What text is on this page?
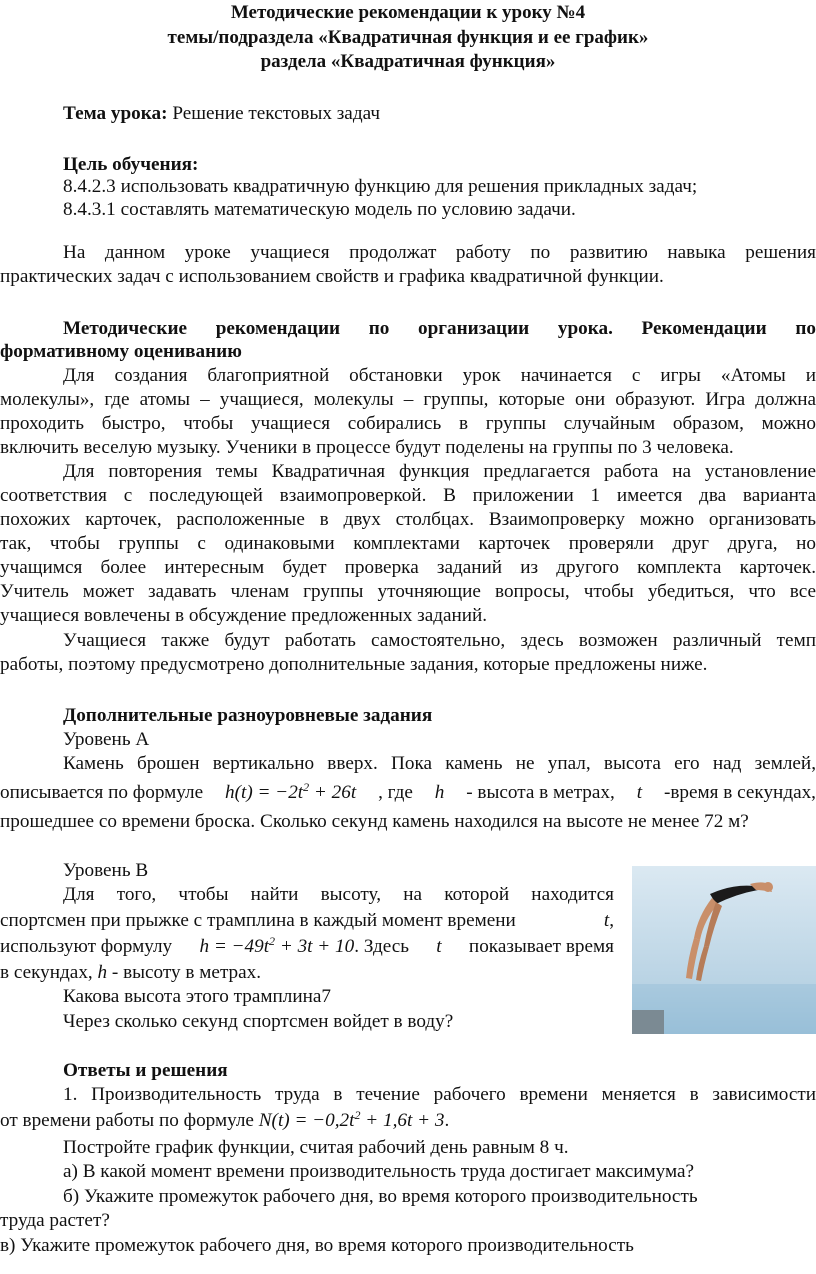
Методические рекомендации к уроку №4
темы/подраздела «Квадратичная функция и ее график»
раздела «Квадратичная функция»
Тема урока: Решение текстовых задач
Цель обучения:
8.4.2.3 использовать квадратичную функцию для решения прикладных задач;
8.4.3.1 составлять математическую модель по условию задачи.
На данном уроке учащиеся продолжат работу по развитию навыка решения
практических задач с использованием свойств и графика квадратичной функции.
Методические рекомендации по организации урока. Рекомендации по
формативному оцениванию
Для создания благоприятной обстановки урок начинается с игры «Атомы и
молекулы», где атомы – учащиеся, молекулы – группы, которые они образуют. Игра должна
проходить быстро, чтобы учащиеся собирались в группы случайным образом, можно
включить веселую музыку. Ученики в процессе будут поделены на группы по 3 человека.
Для повторения темы Квадратичная функция предлагается работа на установление
соответствия с последующей взаимопроверкой. В приложении 1 имеется два варианта
похожих карточек, расположенные в двух столбцах. Взаимопроверку можно организовать
так, чтобы группы с одинаковыми комплектами карточек проверяли друг друга, но
учащимся более интересным будет проверка заданий из другого комплекта карточек.
Учитель может задавать членам группы уточняющие вопросы, чтобы убедиться, что все
учащиеся вовлечены в обсуждение предложенных заданий.
Учащиеся также будут работать самостоятельно, здесь возможен различный темп
работы, поэтому предусмотрено дополнительные задания, которые предложены ниже.
Дополнительные разноуровневые задания
Уровень А
Камень брошен вертикально вверх. Пока камень не упал, высота его над землей,
описывается по формуле $h(t) = -2t^2 + 26t$ , где h - высота в метрах, t -время в секундах,
прошедшее со времени броска. Сколько секунд камень находился на высоте не менее 72 м?
Уровень В
Для того, чтобы найти высоту, на которой находится
спортсмен при прыжке с трамплина в каждый момент времени	t,
используют формулу $h = -49t^2 + 3t + 10$. Здесь t показывает время
в секундах, h - высоту в метрах.
Какова высота этого трамплина7
Через сколько секунд спортсмен войдет в воду?
Ответы и решения
1. Производительность труда в течение рабочего времени меняется в зависимости
от времени работы по формуле $N(t) = -0,2t^2 + 1,6t + 3$.
Постройте график функции, считая рабочий день равным 8 ч.
а) В какой момент времени производительность труда достигает максимума?
б) Укажите промежуток рабочего дня, во время которого производительность
труда растет?
в) Укажите промежуток рабочего дня, во время которого производительность
